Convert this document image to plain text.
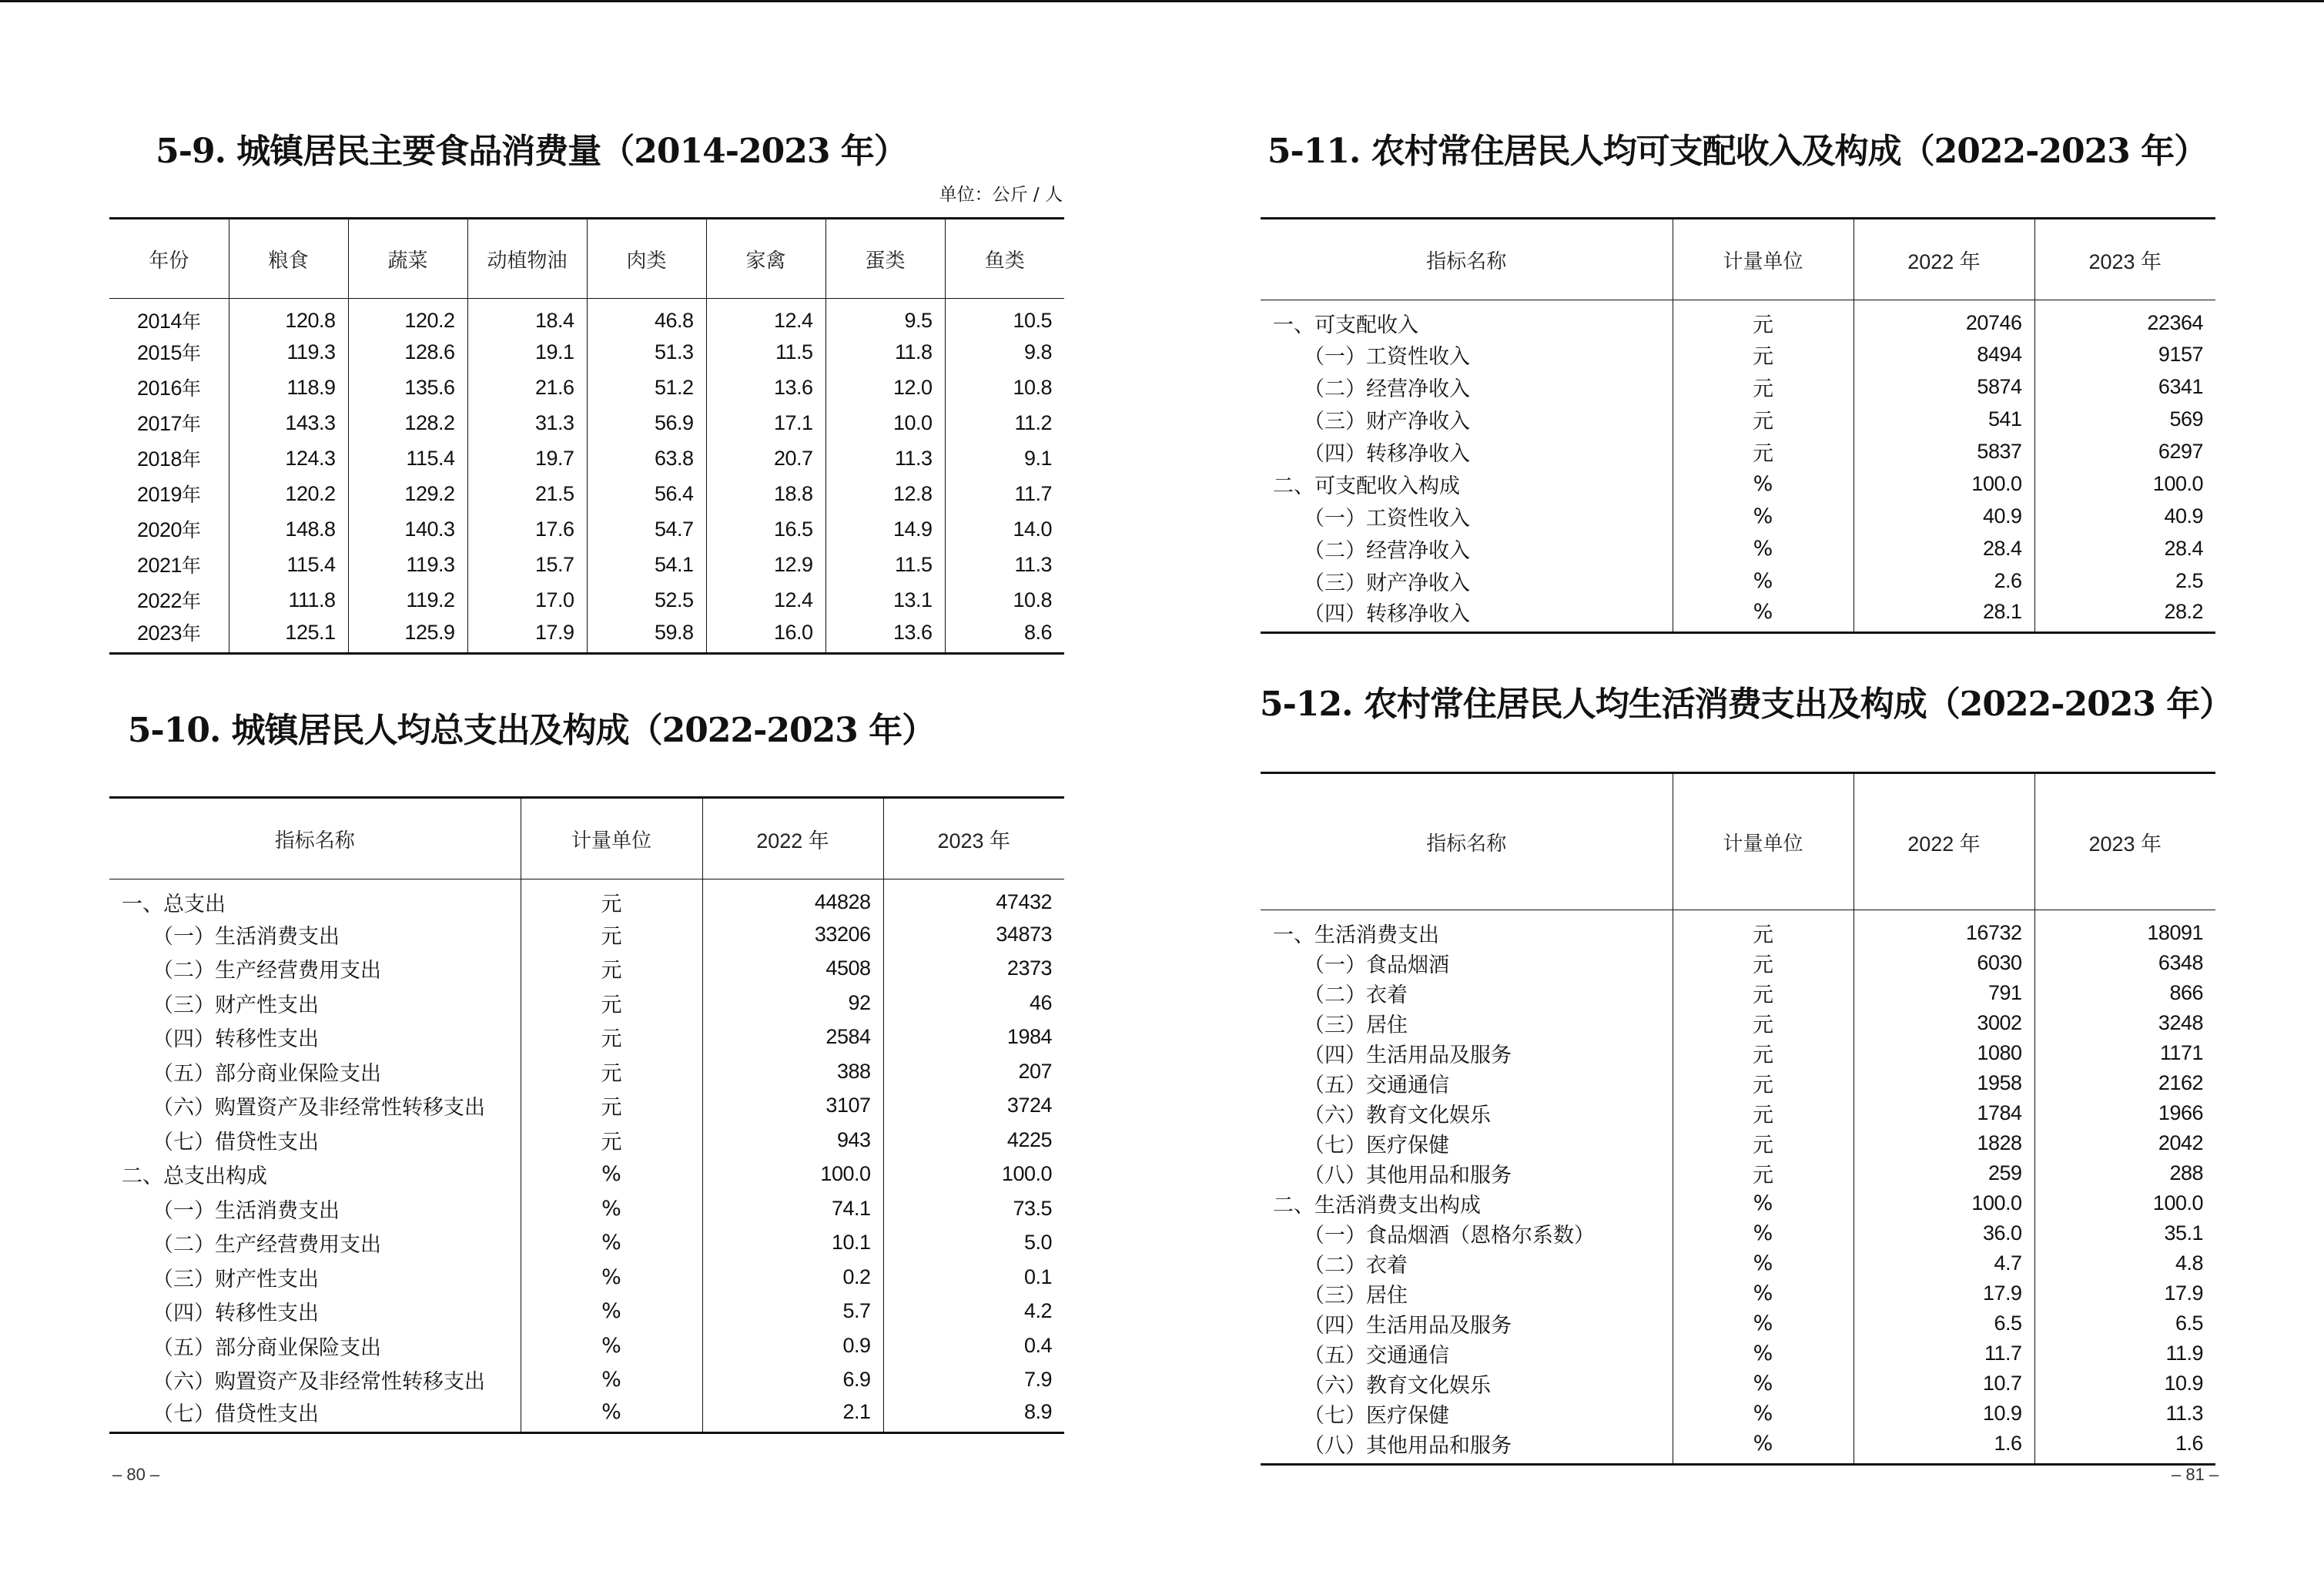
5-9. 城镇居民主要食品消费量（2014-2023 年）
单位：公斤 / 人
年份	粮食	蔬菜	动植物油	肉类	家禽	蛋类	鱼类
2014年	120.8	120.2	18.4	46.8	12.4	9.5	10.5
2015年	119.3	128.6	19.1	51.3	11.5	11.8	9.8
2016年	118.9	135.6	21.6	51.2	13.6	12.0	10.8
2017年	143.3	128.2	31.3	56.9	17.1	10.0	11.2
2018年	124.3	115.4	19.7	63.8	20.7	11.3	9.1
2019年	120.2	129.2	21.5	56.4	18.8	12.8	11.7
2020年	148.8	140.3	17.6	54.7	16.5	14.9	14.0
2021年	115.4	119.3	15.7	54.1	12.9	11.5	11.3
2022年	111.8	119.2	17.0	52.5	12.4	13.1	10.8
2023年	125.1	125.9	17.9	59.8	16.0	13.6	8.6
5-10. 城镇居民人均总支出及构成（2022-2023 年）
指标名称	计量单位	2022 年	2023 年
一、总支出	元	44828	47432
（一）生活消费支出	元	33206	34873
（二）生产经营费用支出	元	4508	2373
（三）财产性支出	元	92	46
（四）转移性支出	元	2584	1984
（五）部分商业保险支出	元	388	207
（六）购置资产及非经常性转移支出	元	3107	3724
（七）借贷性支出	元	943	4225
二、总支出构成	%	100.0	100.0
（一）生活消费支出	%	74.1	73.5
（二）生产经营费用支出	%	10.1	5.0
（三）财产性支出	%	0.2	0.1
（四）转移性支出	%	5.7	4.2
（五）部分商业保险支出	%	0.9	0.4
（六）购置资产及非经常性转移支出	%	6.9	7.9
（七）借贷性支出	%	2.1	8.9
– 80 –
5-11. 农村常住居民人均可支配收入及构成（2022-2023 年）
指标名称	计量单位	2022 年	2023 年
一、可支配收入	元	20746	22364
（一）工资性收入	元	8494	9157
（二）经营净收入	元	5874	6341
（三）财产净收入	元	541	569
（四）转移净收入	元	5837	6297
二、可支配收入构成	%	100.0	100.0
（一）工资性收入	%	40.9	40.9
（二）经营净收入	%	28.4	28.4
（三）财产净收入	%	2.6	2.5
（四）转移净收入	%	28.1	28.2
5-12. 农村常住居民人均生活消费支出及构成（2022-2023 年）
指标名称	计量单位	2022 年	2023 年
一、生活消费支出	元	16732	18091
（一）食品烟酒	元	6030	6348
（二）衣着	元	791	866
（三）居住	元	3002	3248
（四）生活用品及服务	元	1080	1171
（五）交通通信	元	1958	2162
（六）教育文化娱乐	元	1784	1966
（七）医疗保健	元	1828	2042
（八）其他用品和服务	元	259	288
二、生活消费支出构成	%	100.0	100.0
（一）食品烟酒（恩格尔系数）	%	36.0	35.1
（二）衣着	%	4.7	4.8
（三）居住	%	17.9	17.9
（四）生活用品及服务	%	6.5	6.5
（五）交通通信	%	11.7	11.9
（六）教育文化娱乐	%	10.7	10.9
（七）医疗保健	%	10.9	11.3
（八）其他用品和服务	%	1.6	1.6
– 81 –
